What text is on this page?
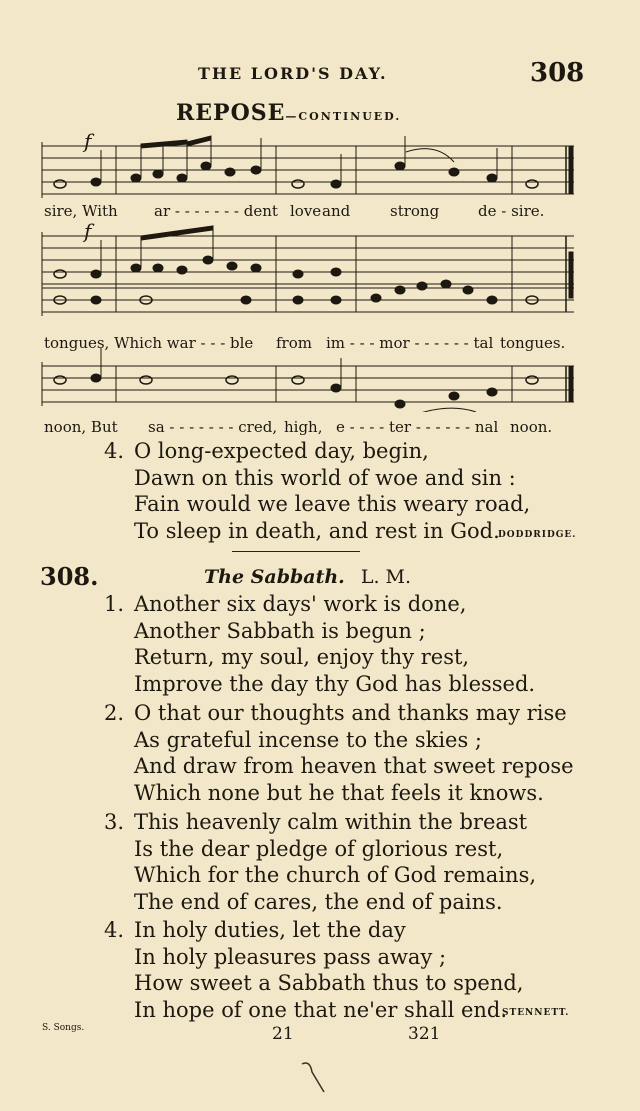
THE LORD'S DAY.	308
REPOSE—CONTINUED.
f
f
sire, With ar - - - - - - - dent love and	strong	de - sire.
tongues, Which war - - - ble from im - - - mor - - - - - - tal tongues.
noon, But sa - - - - - - - cred, high, e - - - - ter - - - - - - nal noon.
4. O long-expected day, begin,
Dawn on this world of woe and sin :
Fain would we leave this weary road,
To sleep in death, and rest in God.
DODDRIDGE.
308.	The Sabbath. L. M.
1. Another six days' work is done,
Another Sabbath is begun ;
Return, my soul, enjoy thy rest,
Improve the day thy God has blessed.
2. O that our thoughts and thanks may rise
As grateful incense to the skies ;
And draw from heaven that sweet repose
Which none but he that feels it knows.
3. This heavenly calm within the breast
Is the dear pledge of glorious rest,
Which for the church of God remains,
The end of cares, the end of pains.
4. In holy duties, let the day
In holy pleasures pass away ;
How sweet a Sabbath thus to spend,
In hope of one that ne'er shall end.
STENNETT.
S. Songs.	21	321
